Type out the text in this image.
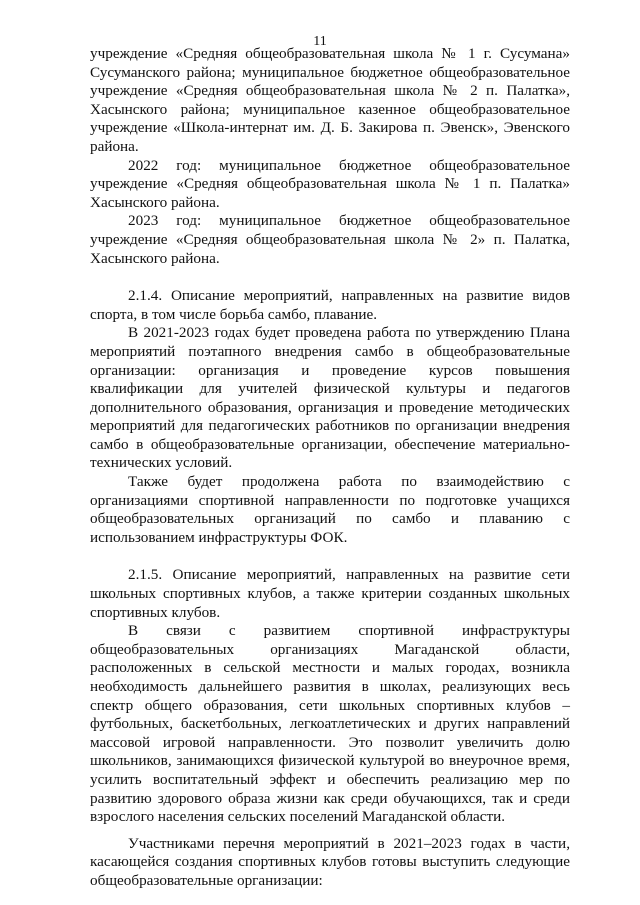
11

учреждение «Средняя общеобразовательная школа № 1 г. Сусумана» Сусуманского района; муниципальное бюджетное общеобразовательное учреждение «Средняя общеобразовательная школа № 2 п. Палатка», Хасынского района; муниципальное казенное общеобразовательное учреждение «Школа-интернат им. Д. Б. Закирова п. Эвенск», Эвенского района.

2022 год: муниципальное бюджетное общеобразовательное учреждение «Средняя общеобразовательная школа № 1 п. Палатка» Хасынского района.

2023 год: муниципальное бюджетное общеобразовательное учреждение «Средняя общеобразовательная школа № 2» п. Палатка, Хасынского района.

2.1.4. Описание мероприятий, направленных на развитие видов спорта, в том числе борьба самбо, плавание.

В 2021-2023 годах будет проведена работа по утверждению Плана мероприятий поэтапного внедрения самбо в общеобразовательные организации: организация и проведение курсов повышения квалификации для учителей физической культуры и педагогов дополнительного образования, организация и проведение методических мероприятий для педагогических работников по организации внедрения самбо в общеобразовательные организации, обеспечение материально-технических условий.

Также будет продолжена работа по взаимодействию с организациями спортивной направленности по подготовке учащихся общеобразовательных организаций по самбо и плаванию с использованием инфраструктуры ФОК.

2.1.5. Описание мероприятий, направленных на развитие сети школьных спортивных клубов, а также критерии созданных школьных спортивных клубов.

В связи с развитием спортивной инфраструктуры общеобразовательных организациях Магаданской области, расположенных в сельской местности и малых городах, возникла необходимость дальнейшего развития в школах, реализующих весь спектр общего образования, сети школьных спортивных клубов – футбольных, баскетбольных, легкоатлетических и других направлений массовой игровой направленности. Это позволит увеличить долю школьников, занимающихся физической культурой во внеурочное время, усилить воспитательный эффект и обеспечить реализацию мер по развитию здорового образа жизни как среди обучающихся, так и среди взрослого населения сельских поселений Магаданской области.

Участниками перечня мероприятий в 2021–2023 годах в части, касающейся создания спортивных клубов готовы выступить следующие общеобразовательные организации:
